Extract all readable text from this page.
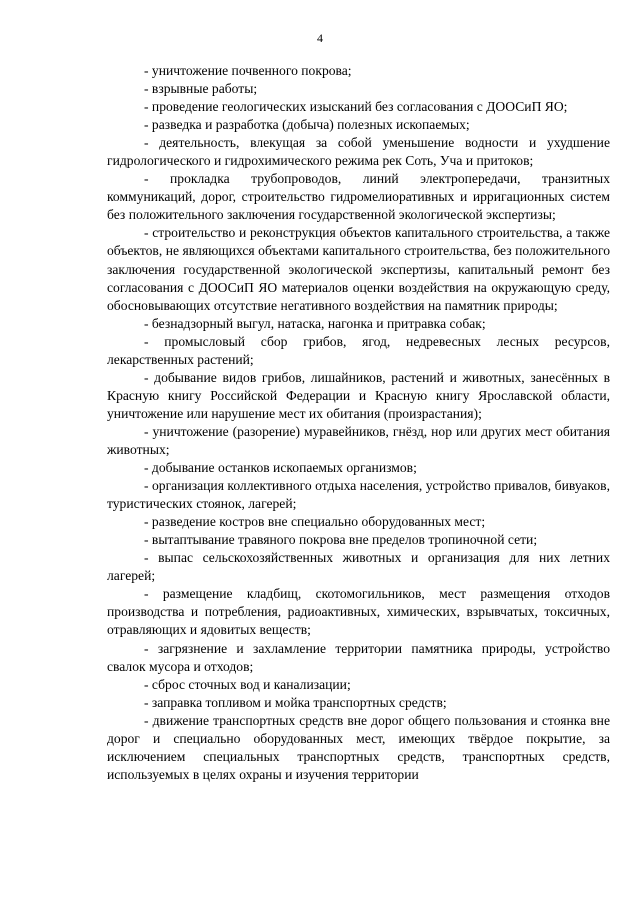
4

- уничтожение почвенного покрова;

- взрывные работы;

- проведение геологических изысканий без согласования с ДООСиП ЯО;

- разведка и разработка (добыча) полезных ископаемых;

- деятельность, влекущая за собой уменьшение водности и ухудшение гидрологического и гидрохимического режима рек Соть, Уча и притоков;

- прокладка трубопроводов, линий электропередачи, транзитных коммуникаций, дорог, строительство гидромелиоративных и ирригационных систем без положительного заключения государственной экологической экспертизы;

- строительство и реконструкция объектов капитального строительства, а также объектов, не являющихся объектами капитального строительства, без положительного заключения государственной экологической экспертизы, капитальный ремонт без согласования с ДООСиП ЯО материалов оценки воздействия на окружающую среду, обосновывающих отсутствие негативного воздействия на памятник природы;

- безнадзорный выгул, натаска, нагонка и притравка собак;

- промысловый сбор грибов, ягод, недревесных лесных ресурсов, лекарственных растений;

- добывание видов грибов, лишайников, растений и животных, занесённых в Красную книгу Российской Федерации и Красную книгу Ярославской области, уничтожение или нарушение мест их обитания (произрастания);

- уничтожение (разорение) муравейников, гнёзд, нор или других мест обитания животных;

- добывание останков ископаемых организмов;

- организация коллективного отдыха населения, устройство привалов, бивуаков, туристических стоянок, лагерей;

- разведение костров вне специально оборудованных мест;

- вытаптывание травяного покрова вне пределов тропиночной сети;

- выпас сельскохозяйственных животных и организация для них летних лагерей;

- размещение кладбищ, скотомогильников, мест размещения отходов производства и потребления, радиоактивных, химических, взрывчатых, токсичных, отравляющих и ядовитых веществ;

- загрязнение и захламление территории памятника природы, устройство свалок мусора и отходов;

- сброс сточных вод и канализации;

- заправка топливом и мойка транспортных средств;

- движение транспортных средств вне дорог общего пользования и стоянка вне дорог и специально оборудованных мест, имеющих твёрдое покрытие, за исключением специальных транспортных средств, транспортных средств, используемых в целях охраны и изучения территории
